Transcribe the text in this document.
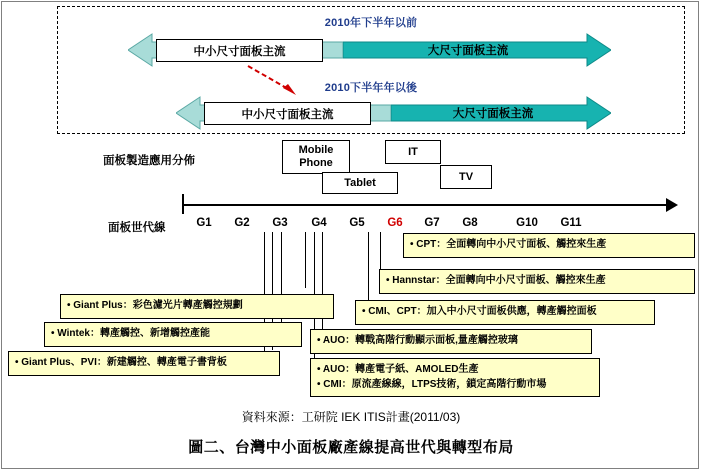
2010年下半年以前
中小尺寸面板主流	大尺寸面板主流
2010下半年年以後
中小尺寸面板主流	大尺寸面板主流
面板製造應用分佈
面板世代線
Mobile
Phone
Tablet
IT
TV
G1	G2	G3	G4	G5	G6	G7	G8	G10 G11
• CPT：全面轉向中小尺寸面板、觸控來生產
• Hannstar：全面轉向中小尺寸面板、觸控來生產
• CMI、CPT：加入中小尺寸面板供應，轉產觸控面板
• AUO：轉戰高階行動顯示面板,量產觸控玻璃
• AUO：轉產電子紙、AMOLED生產
• CMI：原流產線線，LTPS技術，鎖定高階行動市場
• Giant Plus：彩色濾光片轉產觸控規劃
• Wintek：轉產觸控、新增觸控產能
• Giant Plus、PVI：新建觸控、轉產電子書背板
資料來源：工研院 IEK ITIS計畫(2011/03)
圖二、台灣中小面板廠產線提高世代與轉型布局
